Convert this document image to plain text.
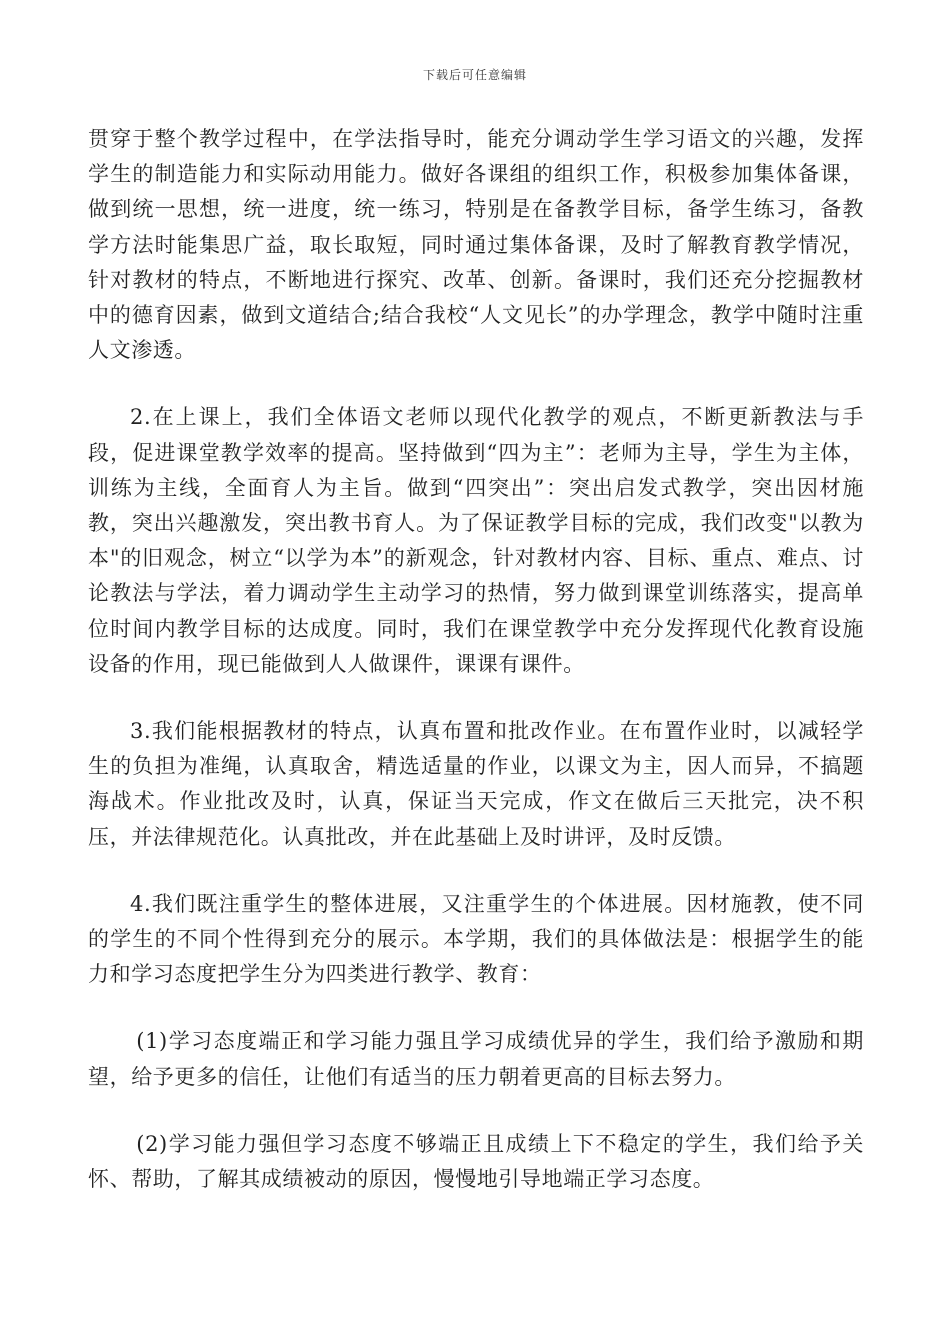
下载后可任意编辑

贯穿于整个教学过程中，在学法指导时，能充分调动学生学习语文的兴趣，发挥学生的制造能力和实际动用能力。做好各课组的组织工作，积极参加集体备课，做到统一思想，统一进度，统一练习，特别是在备教学目标，备学生练习，备教学方法时能集思广益，取长取短，同时通过集体备课，及时了解教育教学情况，针对教材的特点，不断地进行探究、改革、创新。备课时，我们还充分挖掘教材中的德育因素，做到文道结合;结合我校“人文见长”的办学理念，教学中随时注重人文渗透。

2.在上课上，我们全体语文老师以现代化教学的观点，不断更新教法与手段，促进课堂教学效率的提高。坚持做到“四为主”：老师为主导，学生为主体，训练为主线，全面育人为主旨。做到“四突出”：突出启发式教学，突出因材施教，突出兴趣激发，突出教书育人。为了保证教学目标的完成，我们改变"以教为本"的旧观念，树立“以学为本”的新观念，针对教材内容、目标、重点、难点、讨论教法与学法，着力调动学生主动学习的热情，努力做到课堂训练落实，提高单位时间内教学目标的达成度。同时，我们在课堂教学中充分发挥现代化教育设施设备的作用，现已能做到人人做课件，课课有课件。

3.我们能根据教材的特点，认真布置和批改作业。在布置作业时，以减轻学生的负担为准绳，认真取舍，精选适量的作业，以课文为主，因人而异，不搞题海战术。作业批改及时，认真，保证当天完成，作文在做后三天批完，决不积压，并法律规范化。认真批改，并在此基础上及时讲评，及时反馈。

4.我们既注重学生的整体进展，又注重学生的个体进展。因材施教，使不同的学生的不同个性得到充分的展示。本学期，我们的具体做法是：根据学生的能力和学习态度把学生分为四类进行教学、教育：

(1)学习态度端正和学习能力强且学习成绩优异的学生，我们给予激励和期望，给予更多的信任，让他们有适当的压力朝着更高的目标去努力。

(2)学习能力强但学习态度不够端正且成绩上下不稳定的学生，我们给予关怀、帮助，了解其成绩被动的原因，慢慢地引导地端正学习态度。
